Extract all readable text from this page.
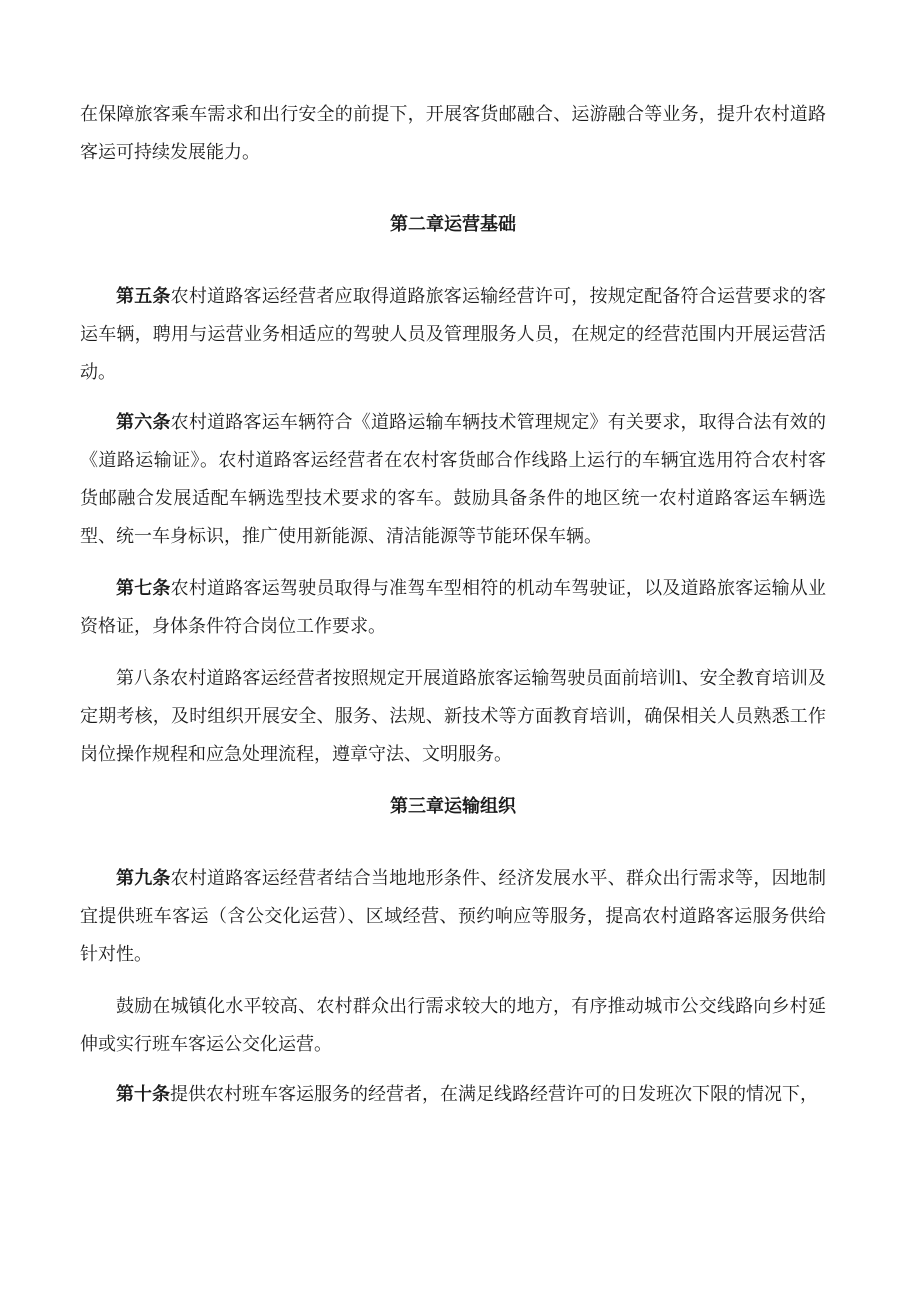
在保障旅客乘车需求和出行安全的前提下，开展客货邮融合、运游融合等业务，提升农村道路客运可持续发展能力。

第二章运营基础

第五条农村道路客运经营者应取得道路旅客运输经营许可，按规定配备符合运营要求的客运车辆，聘用与运营业务相适应的驾驶人员及管理服务人员，在规定的经营范围内开展运营活动。

第六条农村道路客运车辆符合《道路运输车辆技术管理规定》有关要求，取得合法有效的《道路运输证》。农村道路客运经营者在农村客货邮合作线路上运行的车辆宜选用符合农村客货邮融合发展适配车辆选型技术要求的客车。鼓励具备条件的地区统一农村道路客运车辆选型、统一车身标识，推广使用新能源、清洁能源等节能环保车辆。

第七条农村道路客运驾驶员取得与准驾车型相符的机动车驾驶证，以及道路旅客运输从业资格证，身体条件符合岗位工作要求。

第八条农村道路客运经营者按照规定开展道路旅客运输驾驶员面前培训l、安全教育培训及定期考核，及时组织开展安全、服务、法规、新技术等方面教育培训，确保相关人员熟悉工作岗位操作规程和应急处理流程，遵章守法、文明服务。

第三章运输组织

第九条农村道路客运经营者结合当地地形条件、经济发展水平、群众出行需求等，因地制宜提供班车客运（含公交化运营）、区域经营、预约响应等服务，提高农村道路客运服务供给针对性。

鼓励在城镇化水平较高、农村群众出行需求较大的地方，有序推动城市公交线路向乡村延伸或实行班车客运公交化运营。

第十条提供农村班车客运服务的经营者，在满足线路经营许可的日发班次下限的情况下，
